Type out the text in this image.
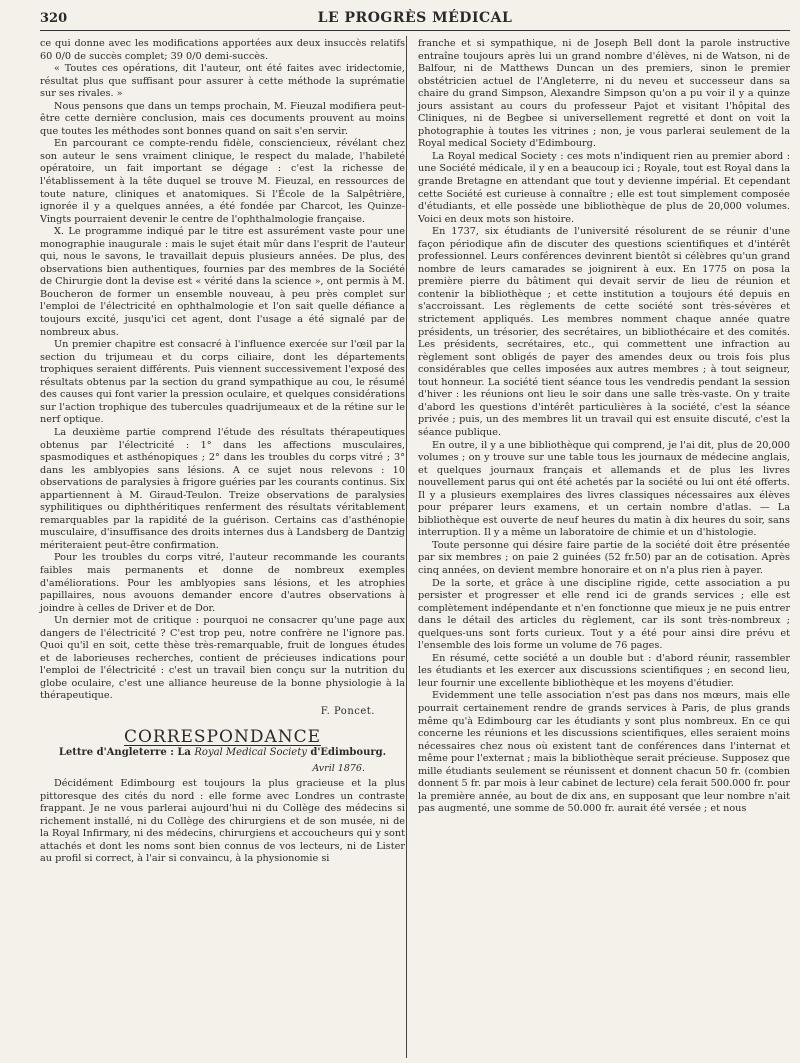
320	LE PROGRÈS MÉDICAL

ce qui donne avec les modifications apportées aux deux insuccès relatifs 60 0/0 de succès complet; 39 0/0 demi-succès.

« Toutes ces opérations, dit l'auteur, ont été faites avec iridectomie, résultat plus que suffisant pour assurer à cette méthode la suprématie sur ses rivales. »

Nous pensons que dans un temps prochain, M. Fieuzal modifiera peut-être cette dernière conclusion, mais ces documents prouvent au moins que toutes les méthodes sont bonnes quand on sait s'en servir.

En parcourant ce compte-rendu fidèle, consciencieux, révélant chez son auteur le sens vraiment clinique, le respect du malade, l'habileté opératoire, un fait important se dégage : c'est la richesse de l'établissement à la tête duquel se trouve M. Fieuzal, en ressources de toute nature, cliniques et anatomiques. Si l'École de la Salpêtrière, ignorée il y a quelques années, a été fondée par Charcot, les Quinze-Vingts pourraient devenir le centre de l'ophthalmologie française.

X. Le programme indiqué par le titre est assurément vaste pour une monographie inaugurale : mais le sujet était mûr dans l'esprit de l'auteur qui, nous le savons, le travaillait depuis plusieurs années. De plus, des observations bien authentiques, fournies par des membres de la Société de Chirurgie dont la devise est « vérité dans la science », ont permis à M. Boucheron de former un ensemble nouveau, à peu près complet sur l'emploi de l'électricité en ophthalmologie et l'on sait quelle défiance a toujours excité, jusqu'ici cet agent, dont l'usage a été signalé par de nombreux abus.

Un premier chapitre est consacré à l'influence exercée sur l'œil par la section du trijumeau et du corps ciliaire, dont les départements trophiques seraient différents. Puis viennent successivement l'exposé des résultats obtenus par la section du grand sympathique au cou, le résumé des causes qui font varier la pression oculaire, et quelques considérations sur l'action trophique des tubercules quadrijumeaux et de la rétine sur le nerf optique.

La deuxième partie comprend l'étude des résultats thérapeutiques obtenus par l'électricité : 1° dans les affections musculaires, spasmodiques et asthénopiques ; 2° dans les troubles du corps vitré ; 3° dans les amblyopies sans lésions. A ce sujet nous relevons : 10 observations de paralysies à frigore guéries par les courants continus. Six appartiennent à M. Giraud-Teulon. Treize observations de paralysies syphilitiques ou diphthéritiques renferment des résultats véritablement remarquables par la rapidité de la guérison. Certains cas d'asthénopie musculaire, d'insuffisance des droits internes dus à Landsberg de Dantzig mériteraient peut-être confirmation.

Pour les troubles du corps vitré, l'auteur recommande les courants faibles mais permanents et donne de nombreux exemples d'améliorations. Pour les amblyopies sans lésions, et les atrophies papillaires, nous avouons demander encore d'autres observations à joindre à celles de Driver et de Dor.

Un dernier mot de critique : pourquoi ne consacrer qu'une page aux dangers de l'électricité ? C'est trop peu, notre confrère ne l'ignore pas. Quoi qu'il en soit, cette thèse très-remarquable, fruit de longues études et de laborieuses recherches, contient de précieuses indications pour l'emploi de l'électricité : c'est un travail bien conçu sur la nutrition du globe oculaire, c'est une alliance heureuse de la bonne physiologie à la thérapeutique.

F. Poncet.
CORRESPONDANCE
Lettre d'Angleterre : La Royal Medical Society d'Edimbourg.
Avril 1876.

Décidément Edimbourg est toujours la plus gracieuse et la plus pittoresque des cités du nord : elle forme avec Londres un contraste frappant. Je ne vous parlerai aujourd'hui ni du Collège des médecins si richement installé, ni du Collège des chirurgiens et de son musée, ni de la Royal Infirmary, ni des médecins, chirurgiens et accoucheurs qui y sont attachés et dont les noms sont bien connus de vos lecteurs, ni de Lister au profil si correct, à l'air si convaincu, à la physionomie si

franche et si sympathique, ni de Joseph Bell dont la parole instructive entraîne toujours après lui un grand nombre d'élèves, ni de Watson, ni de Balfour, ni de Matthews Duncan un des premiers, sinon le premier obstétricien actuel de l'Angleterre, ni du neveu et successeur dans sa chaire du grand Simpson, Alexandre Simpson qu'on a pu voir il y a quinze jours assistant au cours du professeur Pajot et visitant l'hôpital des Cliniques, ni de Begbee si universellement regretté et dont on voit la photographie à toutes les vitrines ; non, je vous parlerai seulement de la Royal medical Society d'Edimbourg.

La Royal medical Society : ces mots n'indiquent rien au premier abord : une Société médicale, il y en a beaucoup ici ; Royale, tout est Royal dans la grande Bretagne en attendant que tout y devienne impérial. Et cependant cette Société est curieuse à connaître ; elle est tout simplement composée d'étudiants, et elle possède une bibliothèque de plus de 20,000 volumes. Voici en deux mots son histoire.

En 1737, six étudiants de l'université résolurent de se réunir d'une façon périodique afin de discuter des questions scientifiques et d'intérêt professionnel. Leurs conférences devinrent bientôt si célèbres qu'un grand nombre de leurs camarades se joignirent à eux. En 1775 on posa la première pierre du bâtiment qui devait servir de lieu de réunion et contenir la bibliothèque ; et cette institution a toujours été depuis en s'accroissant. Les règlements de cette société sont très-sévères et strictement appliqués. Les membres nomment chaque année quatre présidents, un trésorier, des secrétaires, un bibliothécaire et des comités. Les présidents, secrétaires, etc., qui commettent une infraction au règlement sont obligés de payer des amendes deux ou trois fois plus considérables que celles imposées aux autres membres ; à tout seigneur, tout honneur. La société tient séance tous les vendredis pendant la session d'hiver : les réunions ont lieu le soir dans une salle très-vaste. On y traite d'abord les questions d'intérêt particulières à la société, c'est la séance privée ; puis, un des membres lit un travail qui est ensuite discuté, c'est la séance publique.

En outre, il y a une bibliothèque qui comprend, je l'ai dit, plus de 20,000 volumes ; on y trouve sur une table tous les journaux de médecine anglais, et quelques journaux français et allemands et de plus les livres nouvellement parus qui ont été achetés par la société ou lui ont été offerts. Il y a plusieurs exemplaires des livres classiques nécessaires aux élèves pour préparer leurs examens, et un certain nombre d'atlas. — La bibliothèque est ouverte de neuf heures du matin à dix heures du soir, sans interruption. Il y a même un laboratoire de chimie et un d'histologie.

Toute personne qui désire faire partie de la société doit être présentée par six membres ; on paie 2 guinées (52 fr.50) par an de cotisation. Après cinq années, on devient membre honoraire et on n'a plus rien à payer.

De la sorte, et grâce à une discipline rigide, cette association a pu persister et progresser et elle rend ici de grands services ; elle est complètement indépendante et n'en fonctionne que mieux je ne puis entrer dans le détail des articles du règlement, car ils sont très-nombreux ; quelques-uns sont forts curieux. Tout y a été pour ainsi dire prévu et l'ensemble des lois forme un volume de 76 pages.

En résumé, cette société a un double but : d'abord réunir, rassembler les étudiants et les exercer aux discussions scientifiques ; en second lieu, leur fournir une excellente bibliothèque et les moyens d'étudier.

Evidemment une telle association n'est pas dans nos mœurs, mais elle pourrait certainement rendre de grands services à Paris, de plus grands même qu'à Edimbourg car les étudiants y sont plus nombreux. En ce qui concerne les réunions et les discussions scientifiques, elles seraient moins nécessaires chez nous où existent tant de conférences dans l'internat et même pour l'externat ; mais la bibliothèque serait précieuse. Supposez que mille étudiants seulement se réunissent et donnent chacun 50 fr. (combien donnent 5 fr. par mois à leur cabinet de lecture) cela ferait 500.000 fr. pour la première année, au bout de dix ans, en supposant que leur nombre n'ait pas augmenté, une somme de 50.000 fr. aurait été versée ; et nous
